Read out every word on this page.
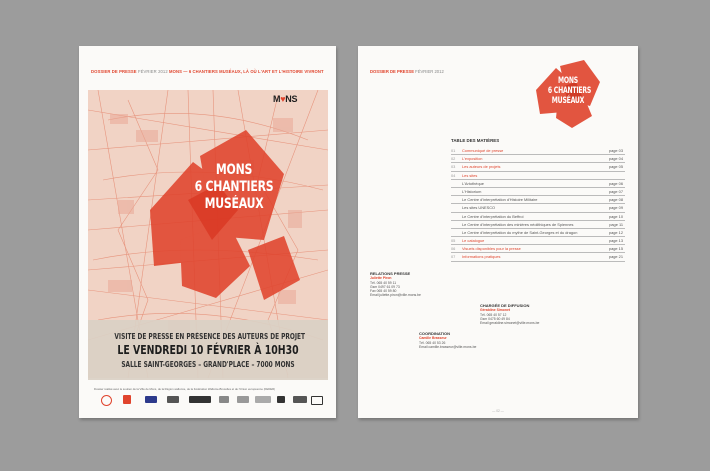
DOSSIER DE PRESSE FÉVRIER 2012 MONS — 6 CHANTIERS MUSÉAUX, LÀ OÙ L'ART ET L'HISTOIRE VIVRONT
M♥NS
MONS
6 CHANTIERS
MUSÉAUX
VISITE DE PRESSE EN PRÉSENCE DES AUTEURS DE PROJET
LE VENDREDI 10 FÉVRIER À 10H30
SALLE SAINT-GEORGES – GRAND'PLACE – 7000 MONS
Dossier réalisé avec le soutien de la Ville de Mons, de la Région wallonne, de la Fédération Wallonie-Bruxelles et de l'Union européenne (FEDER)
DOSSIER DE PRESSE FÉVRIER 2012
MONS
6 CHANTIERS
MUSÉAUX
TABLE DES MATIÈRES
01 Communiqué de presse	page 03
02 L'exposition	page 04
03 Les auteurs de projets	page 05
04 Les sites
L'Artothèque	page 06
L'Historium	page 07
Le Centre d'interprétation d'Histoire Militaire	page 08
Les sites UNESCO	page 09
Le Centre d'interprétation du Beffroi	page 10
Le Centre d'interprétation des minières néolithiques de Spiennes	page 11
Le Centre d'interprétation du mythe de Saint-Georges et du dragon	page 12
05 Le catalogue	page 13
06 Visuels disponibles pour la presse	page 15
07 Informations pratiques	page 21
RELATIONS PRESSE
Juliette Piron
Tél. 065 40 59 11
Gsm 0497 61 09 73
Fax 065 40 59 80
Email juliette.piron@ville.mons.be
CHARGÉE DE DIFFUSION
Géraldine Simonet
Tél. 065 40 57 12
Gsm 0475 60 49 84
Email geraldine.simonet@ville.mons.be
COORDINATION
Camille Brasseur
Tél. 065 40 53 26
Email camille.brasseur@ville.mons.be
— 02 —
